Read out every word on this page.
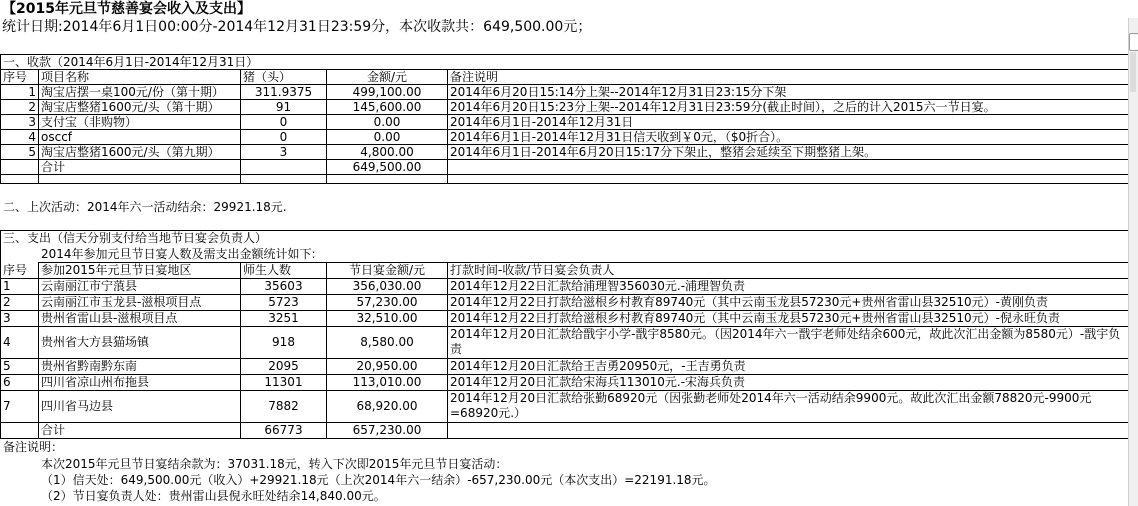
【2015年元旦节慈善宴会收入及支出】
统计日期:2014年6月1日00:00分-2014年12月31日23:59分，本次收款共：649,500.00元；
一、收款（2014年6月1日-2014年12月31日）
序号 项目名称	猪（头）	金额/元	备注说明
1 淘宝店摆一桌100元/份（第十期）	311.9375	499,100.00	2014年6月20日15:14分上架--2014年12月31日23:15分下架
2 淘宝店整猪1600元/头（第十期）	91	145,600.00	2014年6月20日15:23分上架--2014年12月31日23:59分(截止时间），之后的计入2015六一节日宴。
3 支付宝（非购物）	0	0.00	2014年6月1日-2014年12月31日
4 osccf	0	0.00	2014年6月1日-2014年12月31日信天收到￥0元，（$0折合）。
5 淘宝店整猪1600元/头（第九期）	3	4,800.00	2014年6月1日-2014年6月20日15:17分下架止，整猪会延续至下期整猪上架。
合计	649,500.00
二、上次活动：2014年六一活动结余：29921.18元.
三、支出（信天分别支付给当地节日宴会负责人）
2014年参加元旦节日宴人数及需支出金额统计如下:
序号 参加2015年元旦节日宴地区	师生人数	节日宴金额/元	打款时间-收款/节日宴会负责人
1	云南丽江市宁蒗县	35603	356,030.00	2014年12月22日汇款给浦理智356030元.-浦理智负责
2	云南丽江市玉龙县-滋根项目点	5723	57,230.00	2014年12月22日打款给滋根乡村教育89740元（其中云南玉龙县57230元+贵州省雷山县32510元）-黄刚负责
3	贵州省雷山县-滋根项目点	3251	32,510.00	2014年12月22日打款给滋根乡村教育89740元（其中云南玉龙县57230元+贵州省雷山县32510元）-倪永旺负责
4	贵州省大方县猫场镇	918	8,580.00
2014年12月20日汇款给戬宇小学-戬宇8580元。（因2014年六一戬宇老师处结余600元，故此次汇出金额为8580元）-戬宇负责
5	贵州省黔南黔东南	2095	20,950.00	2014年12月20日汇款给王吉勇20950元，-王吉勇负责
6	四川省凉山州布拖县	11301	113,010.00	2014年12月20日汇款给宋海兵113010元.-宋海兵负责
7	四川省马边县	7882	68,920.00
2014年12月20日汇款给张勤68920元（因张勤老师处2014年六一活动结余9900元。故此次汇出金额78820元-9900元=68920元.）
合计	66773	657,230.00
备注说明：
本次2015年元旦节日宴结余款为：37031.18元，转入下次即2015年元旦节日宴活动：
（1）信天处：649,500.00元（收入）+29921.18元（上次2014年六一结余）-657,230.00元（本次支出）=22191.18元。
（2）节日宴负责人处：贵州雷山县倪永旺处结余14,840.00元。
